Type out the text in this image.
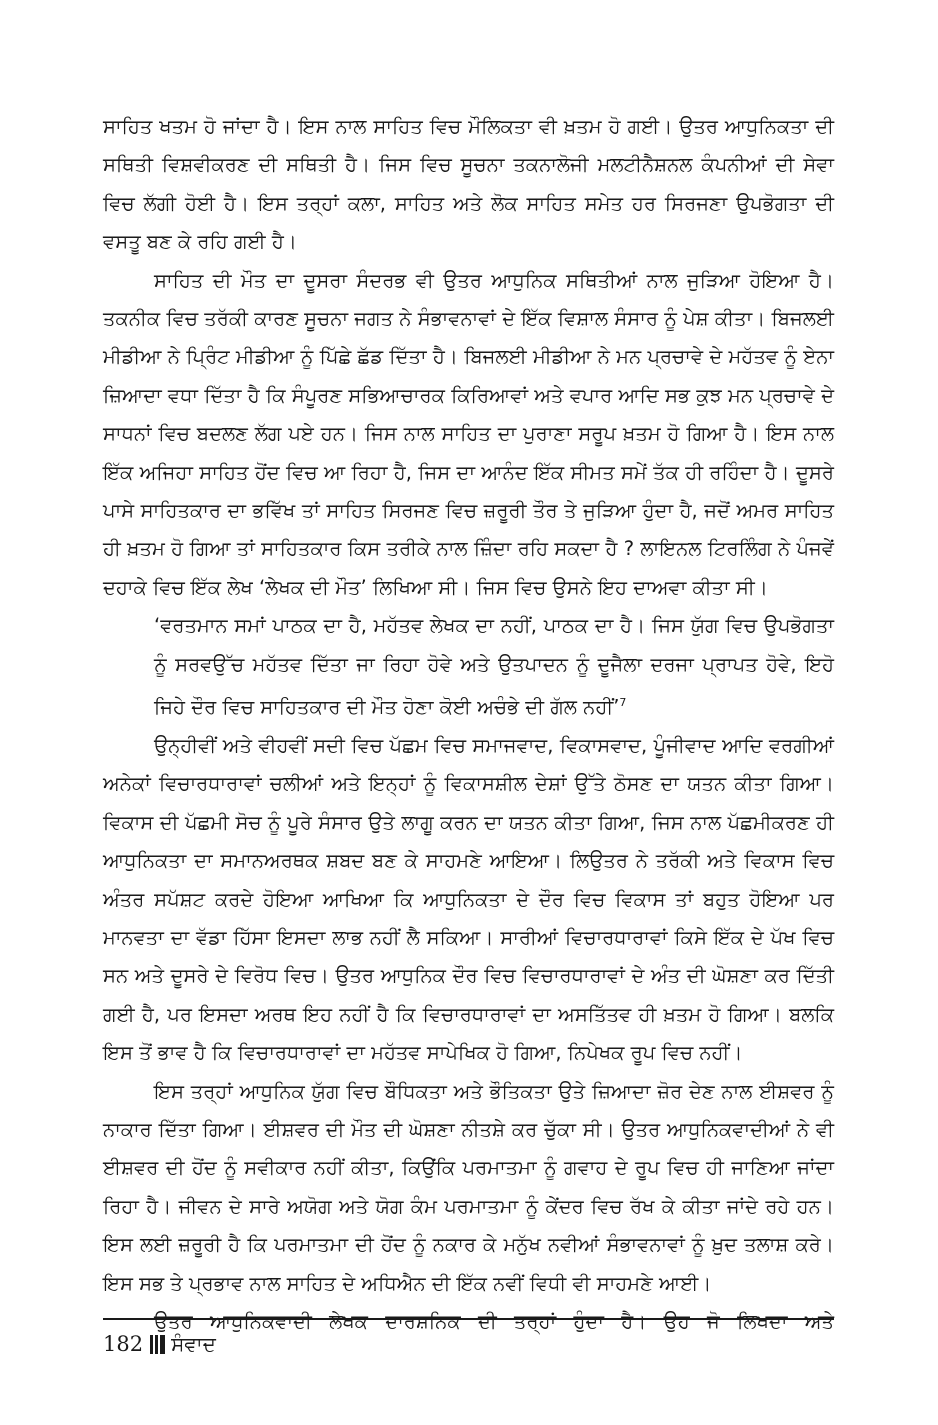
ਸਾਹਿਤ ਖਤਮ ਹੋ ਜਾਂਦਾ ਹੈ। ਇਸ ਨਾਲ ਸਾਹਿਤ ਵਿਚ ਮੌਲਿਕਤਾ ਵੀ ਖ਼ਤਮ ਹੋ ਗਈ। ਉਤਰ ਆਧੁਨਿਕਤਾ ਦੀ ਸਥਿਤੀ ਵਿਸ਼ਵੀਕਰਣ ਦੀ ਸਥਿਤੀ ਹੈ। ਜਿਸ ਵਿਚ ਸੂਚਨਾ ਤਕਨਾਲੋਜੀ ਮਲਟੀਨੈਸ਼ਨਲ ਕੰਪਨੀਆਂ ਦੀ ਸੇਵਾ ਵਿਚ ਲੱਗੀ ਹੋਈ ਹੈ। ਇਸ ਤਰ੍ਹਾਂ ਕਲਾ, ਸਾਹਿਤ ਅਤੇ ਲੋਕ ਸਾਹਿਤ ਸਮੇਤ ਹਰ ਸਿਰਜਣਾ ਉਪਭੋਗਤਾ ਦੀ ਵਸਤੂ ਬਣ ਕੇ ਰਹਿ ਗਈ ਹੈ।

ਸਾਹਿਤ ਦੀ ਮੌਤ ਦਾ ਦੂਸਰਾ ਸੰਦਰਭ ਵੀ ਉਤਰ ਆਧੁਨਿਕ ਸਥਿਤੀਆਂ ਨਾਲ ਜੁੜਿਆ ਹੋਇਆ ਹੈ। ਤਕਨੀਕ ਵਿਚ ਤਰੱਕੀ ਕਾਰਣ ਸੂਚਨਾ ਜਗਤ ਨੇ ਸੰਭਾਵਨਾਵਾਂ ਦੇ ਇੱਕ ਵਿਸ਼ਾਲ ਸੰਸਾਰ ਨੂੰ ਪੇਸ਼ ਕੀਤਾ। ਬਿਜਲਈ ਮੀਡੀਆ ਨੇ ਪ੍ਰਿੰਟ ਮੀਡੀਆ ਨੂੰ ਪਿੱਛੇ ਛੱਡ ਦਿੱਤਾ ਹੈ। ਬਿਜਲਈ ਮੀਡੀਆ ਨੇ ਮਨ ਪ੍ਰਚਾਵੇ ਦੇ ਮਹੱਤਵ ਨੂੰ ਏਨਾ ਜ਼ਿਆਦਾ ਵਧਾ ਦਿੱਤਾ ਹੈ ਕਿ ਸੰਪੂਰਣ ਸਭਿਆਚਾਰਕ ਕਿਰਿਆਵਾਂ ਅਤੇ ਵਪਾਰ ਆਦਿ ਸਭ ਕੁਝ ਮਨ ਪ੍ਰਚਾਵੇ ਦੇ ਸਾਧਨਾਂ ਵਿਚ ਬਦਲਣ ਲੱਗ ਪਏ ਹਨ। ਜਿਸ ਨਾਲ ਸਾਹਿਤ ਦਾ ਪੁਰਾਣਾ ਸਰੂਪ ਖ਼ਤਮ ਹੋ ਗਿਆ ਹੈ। ਇਸ ਨਾਲ ਇੱਕ ਅਜਿਹਾ ਸਾਹਿਤ ਹੋਂਦ ਵਿਚ ਆ ਰਿਹਾ ਹੈ, ਜਿਸ ਦਾ ਆਨੰਦ ਇੱਕ ਸੀਮਤ ਸਮੇਂ ਤੱਕ ਹੀ ਰਹਿੰਦਾ ਹੈ। ਦੂਸਰੇ ਪਾਸੇ ਸਾਹਿਤਕਾਰ ਦਾ ਭਵਿੱਖ ਤਾਂ ਸਾਹਿਤ ਸਿਰਜਣ ਵਿਚ ਜ਼ਰੂਰੀ ਤੌਰ ਤੇ ਜੁੜਿਆ ਹੁੰਦਾ ਹੈ, ਜਦੋਂ ਅਮਰ ਸਾਹਿਤ ਹੀ ਖ਼ਤਮ ਹੋ ਗਿਆ ਤਾਂ ਸਾਹਿਤਕਾਰ ਕਿਸ ਤਰੀਕੇ ਨਾਲ ਜ਼ਿੰਦਾ ਰਹਿ ਸਕਦਾ ਹੈ ? ਲਾਇਨਲ ਟਿਰਲਿੰਗ ਨੇ ਪੰਜਵੇਂ ਦਹਾਕੇ ਵਿਚ ਇੱਕ ਲੇਖ ‘ਲੇਖਕ ਦੀ ਮੌਤ’ ਲਿਖਿਆ ਸੀ। ਜਿਸ ਵਿਚ ਉਸਨੇ ਇਹ ਦਾਅਵਾ ਕੀਤਾ ਸੀ।

‘ਵਰਤਮਾਨ ਸਮਾਂ ਪਾਠਕ ਦਾ ਹੈ, ਮਹੱਤਵ ਲੇਖਕ ਦਾ ਨਹੀਂ, ਪਾਠਕ ਦਾ ਹੈ। ਜਿਸ ਯੁੱਗ ਵਿਚ ਉਪਭੋਗਤਾ ਨੂੰ ਸਰਵਉੱਚ ਮਹੱਤਵ ਦਿੱਤਾ ਜਾ ਰਿਹਾ ਹੋਵੇ ਅਤੇ ਉਤਪਾਦਨ ਨੂੰ ਦੂਜੈਲਾ ਦਰਜਾ ਪ੍ਰਾਪਤ ਹੋਵੇ, ਇਹੋ ਜਿਹੇ ਦੌਰ ਵਿਚ ਸਾਹਿਤਕਾਰ ਦੀ ਮੌਤ ਹੋਣਾ ਕੋਈ ਅਚੰਭੇ ਦੀ ਗੱਲ ਨਹੀਂ’$^7$

ਉਨ੍ਹੀਵੀਂ ਅਤੇ ਵੀਹਵੀਂ ਸਦੀ ਵਿਚ ਪੱਛਮ ਵਿਚ ਸਮਾਜਵਾਦ, ਵਿਕਾਸਵਾਦ, ਪੂੰਜੀਵਾਦ ਆਦਿ ਵਰਗੀਆਂ ਅਨੇਕਾਂ ਵਿਚਾਰਧਾਰਾਵਾਂ ਚਲੀਆਂ ਅਤੇ ਇਨ੍ਹਾਂ ਨੂੰ ਵਿਕਾਸਸ਼ੀਲ ਦੇਸ਼ਾਂ ਉੱਤੇ ਠੋਸਣ ਦਾ ਯਤਨ ਕੀਤਾ ਗਿਆ। ਵਿਕਾਸ ਦੀ ਪੱਛਮੀ ਸੋਚ ਨੂੰ ਪੂਰੇ ਸੰਸਾਰ ਉਤੇ ਲਾਗੂ ਕਰਨ ਦਾ ਯਤਨ ਕੀਤਾ ਗਿਆ, ਜਿਸ ਨਾਲ ਪੱਛਮੀਕਰਣ ਹੀ ਆਧੁਨਿਕਤਾ ਦਾ ਸਮਾਨਅਰਥਕ ਸ਼ਬਦ ਬਣ ਕੇ ਸਾਹਮਣੇ ਆਇਆ। ਲਿਉਤਰ ਨੇ ਤਰੱਕੀ ਅਤੇ ਵਿਕਾਸ ਵਿਚ ਅੰਤਰ ਸਪੱਸ਼ਟ ਕਰਦੇ ਹੋਇਆ ਆਖਿਆ ਕਿ ਆਧੁਨਿਕਤਾ ਦੇ ਦੌਰ ਵਿਚ ਵਿਕਾਸ ਤਾਂ ਬਹੁਤ ਹੋਇਆ ਪਰ ਮਾਨਵਤਾ ਦਾ ਵੱਡਾ ਹਿੱਸਾ ਇਸਦਾ ਲਾਭ ਨਹੀਂ ਲੈ ਸਕਿਆ। ਸਾਰੀਆਂ ਵਿਚਾਰਧਾਰਾਵਾਂ ਕਿਸੇ ਇੱਕ ਦੇ ਪੱਖ ਵਿਚ ਸਨ ਅਤੇ ਦੂਸਰੇ ਦੇ ਵਿਰੋਧ ਵਿਚ। ਉਤਰ ਆਧੁਨਿਕ ਦੌਰ ਵਿਚ ਵਿਚਾਰਧਾਰਾਵਾਂ ਦੇ ਅੰਤ ਦੀ ਘੋਸ਼ਣਾ ਕਰ ਦਿੱਤੀ ਗਈ ਹੈ, ਪਰ ਇਸਦਾ ਅਰਥ ਇਹ ਨਹੀਂ ਹੈ ਕਿ ਵਿਚਾਰਧਾਰਾਵਾਂ ਦਾ ਅਸਤਿੱਤਵ ਹੀ ਖ਼ਤਮ ਹੋ ਗਿਆ। ਬਲਕਿ ਇਸ ਤੋਂ ਭਾਵ ਹੈ ਕਿ ਵਿਚਾਰਧਾਰਾਵਾਂ ਦਾ ਮਹੱਤਵ ਸਾਪੇਖਿਕ ਹੋ ਗਿਆ, ਨਿਪੇਖਕ ਰੂਪ ਵਿਚ ਨਹੀਂ।

ਇਸ ਤਰ੍ਹਾਂ ਆਧੁਨਿਕ ਯੁੱਗ ਵਿਚ ਬੌਧਿਕਤਾ ਅਤੇ ਭੌਤਿਕਤਾ ਉਤੇ ਜ਼ਿਆਦਾ ਜ਼ੋਰ ਦੇਣ ਨਾਲ ਈਸ਼ਵਰ ਨੂੰ ਨਾਕਾਰ ਦਿੱਤਾ ਗਿਆ। ਈਸ਼ਵਰ ਦੀ ਮੌਤ ਦੀ ਘੋਸ਼ਣਾ ਨੀਤਸ਼ੇ ਕਰ ਚੁੱਕਾ ਸੀ। ਉਤਰ ਆਧੁਨਿਕਵਾਦੀਆਂ ਨੇ ਵੀ ਈਸ਼ਵਰ ਦੀ ਹੋਂਦ ਨੂੰ ਸਵੀਕਾਰ ਨਹੀਂ ਕੀਤਾ, ਕਿਉਂਕਿ ਪਰਮਾਤਮਾ ਨੂੰ ਗਵਾਹ ਦੇ ਰੂਪ ਵਿਚ ਹੀ ਜਾਣਿਆ ਜਾਂਦਾ ਰਿਹਾ ਹੈ। ਜੀਵਨ ਦੇ ਸਾਰੇ ਅਯੋਗ ਅਤੇ ਯੋਗ ਕੰਮ ਪਰਮਾਤਮਾ ਨੂੰ ਕੇਂਦਰ ਵਿਚ ਰੱਖ ਕੇ ਕੀਤਾ ਜਾਂਦੇ ਰਹੇ ਹਨ। ਇਸ ਲਈ ਜ਼ਰੂਰੀ ਹੈ ਕਿ ਪਰਮਾਤਮਾ ਦੀ ਹੋਂਦ ਨੂੰ ਨਕਾਰ ਕੇ ਮਨੁੱਖ ਨਵੀਆਂ ਸੰਭਾਵਨਾਵਾਂ ਨੂੰ ਖ਼ੁਦ ਤਲਾਸ਼ ਕਰੇ। ਇਸ ਸਭ ਤੇ ਪ੍ਰਭਾਵ ਨਾਲ ਸਾਹਿਤ ਦੇ ਅਧਿਐਨ ਦੀ ਇੱਕ ਨਵੀਂ ਵਿਧੀ ਵੀ ਸਾਹਮਣੇ ਆਈ।

ਉਤਰ ਆਧੁਨਿਕਵਾਦੀ ਲੇਖਕ ਦਾਰਸ਼ਨਿਕ ਦੀ ਤਰ੍ਹਾਂ ਹੁੰਦਾ ਹੈ। ਉਹ ਜੋ ਲਿਖਦਾ ਅਤੇ

182 ਸੰਵਾਦ
